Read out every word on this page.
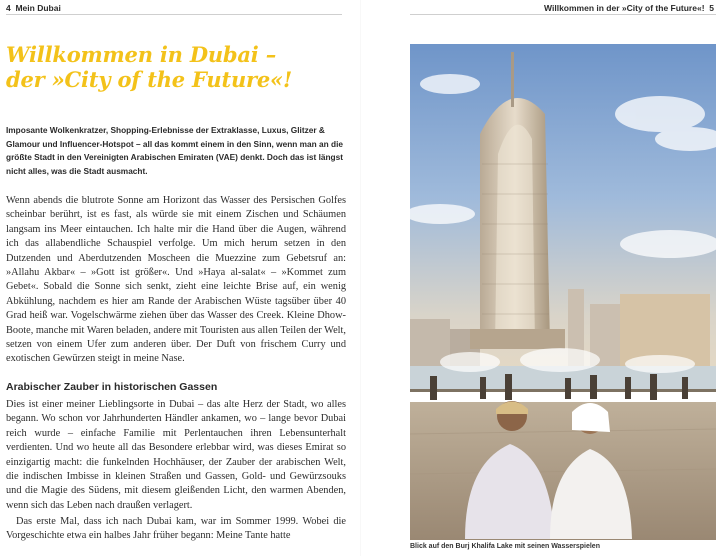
4 Mein Dubai	Willkommen in der »City of the Future«! 5
Willkommen in Dubai –
der »City of the Future«!

Imposante Wolkenkratzer, Shopping-Erlebnisse der Extraklasse, Luxus, Glitzer & Glamour und Influencer-Hotspot – all das kommt einem in den Sinn, wenn man an die größte Stadt in den Vereinigten Arabischen Emiraten (VAE) denkt. Doch das ist längst nicht alles, was die Stadt ausmacht.

Wenn abends die blutrote Sonne am Horizont das Wasser des Persischen Golfes scheinbar berührt, ist es fast, als würde sie mit einem Zischen und Schäumen langsam ins Meer eintauchen. Ich halte mir die Hand über die Augen, während ich das allabendliche Schauspiel verfolge. Um mich herum setzen in den Dutzenden und Aberdutzenden Moscheen die Muezzine zum Gebetsruf an: »Allahu Akbar« – »Gott ist größer«. Und »Haya al-salat« – »Kommet zum Gebet«. Sobald die Sonne sich senkt, zieht eine leichte Brise auf, ein wenig Abkühlung, nachdem es hier am Rande der Arabischen Wüste tagsüber über 40 Grad heiß war. Vogelschwärme ziehen über das Wasser des Creek. Kleine Dhow-Boote, manche mit Waren beladen, andere mit Touristen aus allen Teilen der Welt, setzen von einem Ufer zum anderen über. Der Duft von frischem Curry und exotischen Gewürzen steigt in meine Nase.

Arabischer Zauber in historischen Gassen

Dies ist einer meiner Lieblingsorte in Dubai – das alte Herz der Stadt, wo alles begann. Wo schon vor Jahrhunderten Händler ankamen, wo – lange bevor Dubai reich wurde – einfache Familie mit Perlentauchen ihren Lebensunterhalt verdienten. Und wo heute all das Besondere erlebbar wird, was dieses Emirat so einzigartig macht: die funkelnden Hochhäuser, der Zauber der arabischen Welt, die indischen Imbisse in kleinen Straßen und Gassen, Gold- und Gewürzsouks und die Magie des Südens, mit diesem gleißenden Licht, den warmen Abenden, wenn sich das Leben nach draußen verlagert.

Das erste Mal, dass ich nach Dubai kam, war im Sommer 1999. Wobei die Vorgeschichte etwa ein halbes Jahr früher begann: Meine Tante hatte

Blick auf den Burj Khalifa Lake mit seinen Wasserspielen
